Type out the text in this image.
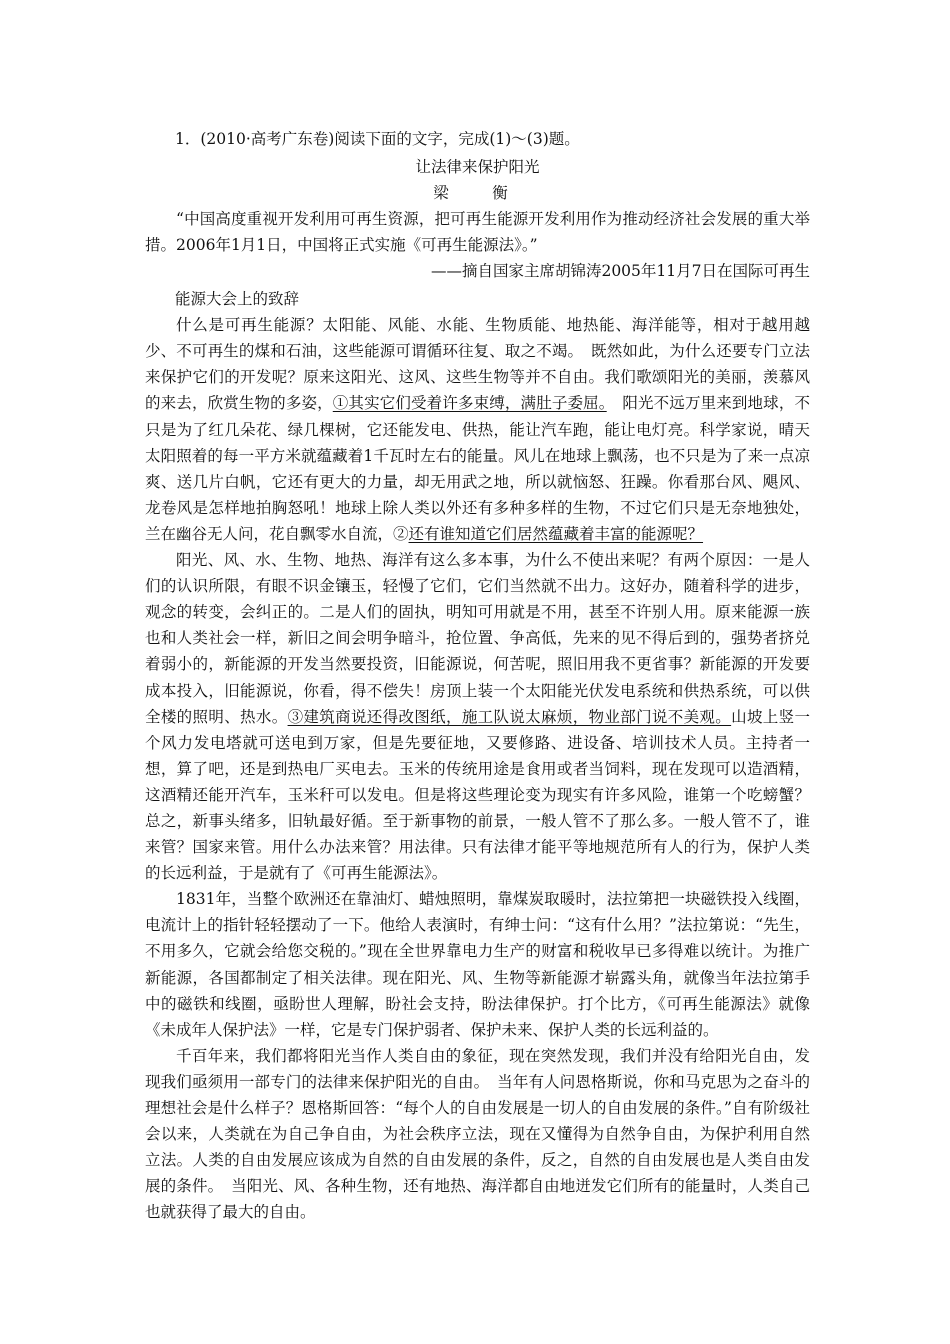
1．(2010·高考广东卷)阅读下面的文字，完成(1)～(3)题。
让法律来保护阳光
梁　衡

“中国高度重视开发利用可再生资源，把可再生能源开发利用作为推动经济社会发展的重大举措。2006年1月1日，中国将正式实施《可再生能源法》。”

——摘自国家主席胡锦涛2005年11月7日在国际可再生
能源大会上的致辞

什么是可再生能源？太阳能、风能、水能、生物质能、地热能、海洋能等，相对于越用越少、不可再生的煤和石油，这些能源可谓循环往复、取之不竭。　既然如此，为什么还要专门立法来保护它们的开发呢？原来这阳光、这风、这些生物等并不自由。我们歌颂阳光的美丽，羡慕风的来去，欣赏生物的多姿，①其实它们受着许多束缚，满肚子委屈。　阳光不远万里来到地球，不只是为了红几朵花、绿几棵树，它还能发电、供热，能让汽车跑，能让电灯亮。科学家说，晴天太阳照着的每一平方米就蕴藏着1千瓦时左右的能量。风儿在地球上飘荡，也不只是为了来一点凉爽、送几片白帆，它还有更大的力量，却无用武之地，所以就恼怒、狂躁。你看那台风、飓风、龙卷风是怎样地拍胸怒吼！地球上除人类以外还有多种多样的生物，不过它们只是无奈地独处，兰在幽谷无人问，花自飘零水自流，②还有谁知道它们居然蕴藏着丰富的能源呢？

阳光、风、水、生物、地热、海洋有这么多本事，为什么不使出来呢？有两个原因：一是人们的认识所限，有眼不识金镶玉，轻慢了它们，它们当然就不出力。这好办，随着科学的进步，观念的转变，会纠正的。二是人们的固执，明知可用就是不用，甚至不许别人用。原来能源一族也和人类社会一样，新旧之间会明争暗斗，抢位置、争高低，先来的见不得后到的，强势者挤兑着弱小的，新能源的开发当然要投资，旧能源说，何苦呢，照旧用我不更省事？新能源的开发要成本投入，旧能源说，你看，得不偿失！房顶上装一个太阳能光伏发电系统和供热系统，可以供全楼的照明、热水。③建筑商说还得改图纸，施工队说太麻烦，物业部门说不美观。山坡上竖一个风力发电塔就可送电到万家，但是先要征地，又要修路、进设备、培训技术人员。主持者一想，算了吧，还是到热电厂买电去。玉米的传统用途是食用或者当饲料，现在发现可以造酒精，这酒精还能开汽车，玉米秆可以发电。但是将这些理论变为现实有许多风险，谁第一个吃螃蟹？总之，新事头绪多，旧轨最好循。至于新事物的前景，一般人管不了那么多。一般人管不了，谁来管？国家来管。用什么办法来管？用法律。只有法律才能平等地规范所有人的行为，保护人类的长远利益，于是就有了《可再生能源法》。

1831年，当整个欧洲还在靠油灯、蜡烛照明，靠煤炭取暖时，法拉第把一块磁铁投入线圈，电流计上的指针轻轻摆动了一下。他给人表演时，有绅士问：“这有什么用？”法拉第说：“先生，不用多久，它就会给您交税的。”现在全世界靠电力生产的财富和税收早已多得难以统计。为推广新能源，各国都制定了相关法律。现在阳光、风、生物等新能源才崭露头角，就像当年法拉第手中的磁铁和线圈，亟盼世人理解，盼社会支持，盼法律保护。打个比方，《可再生能源法》就像《未成年人保护法》一样，它是专门保护弱者、保护未来、保护人类的长远利益的。

千百年来，我们都将阳光当作人类自由的象征，现在突然发现，我们并没有给阳光自由，发现我们亟须用一部专门的法律来保护阳光的自由。　当年有人问恩格斯说，你和马克思为之奋斗的理想社会是什么样子？恩格斯回答：“每个人的自由发展是一切人的自由发展的条件。”自有阶级社会以来，人类就在为自己争自由，为社会秩序立法，现在又懂得为自然争自由，为保护利用自然立法。人类的自由发展应该成为自然的自由发展的条件，反之，自然的自由发展也是人类自由发展的条件。　当阳光、风、各种生物，还有地热、海洋都自由地迸发它们所有的能量时，人类自己也就获得了最大的自由。
